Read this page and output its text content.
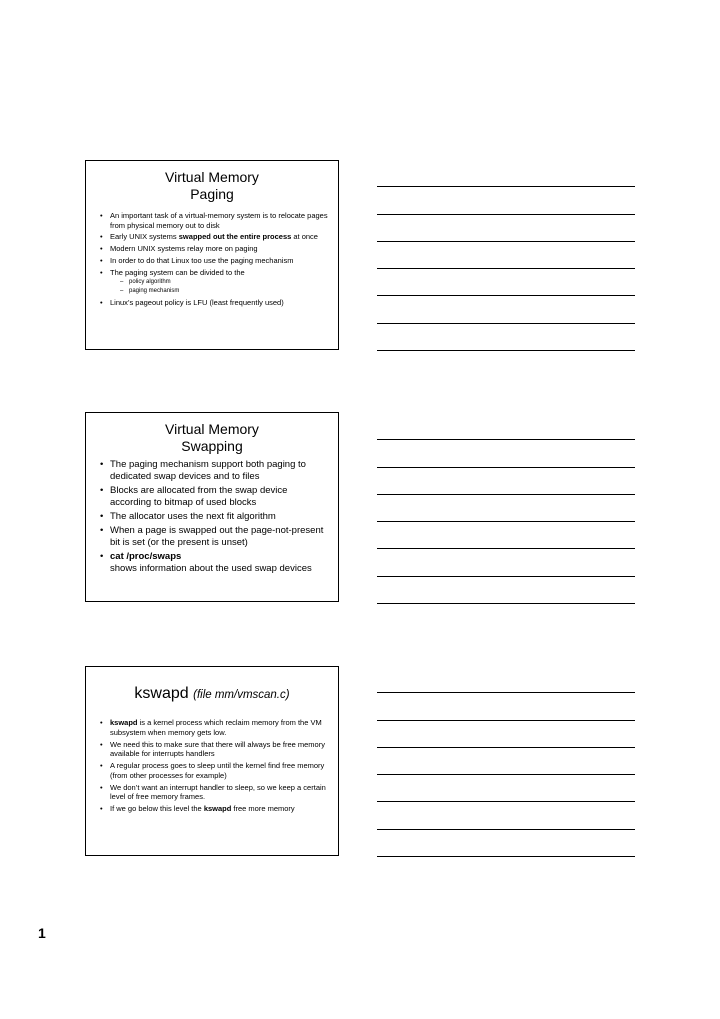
Virtual Memory
Paging
• An important task of a virtual-memory system is to relocate pages from physical memory out to disk
• Early UNIX systems swapped out the entire process at once
• Modern UNIX systems relay more on paging
• In order to do that Linux too use the paging mechanism
• The paging system can be divided to the
– policy algorithm
– paging mechanism
• Linux’s pageout policy is LFU (least frequently used)
Virtual Memory
Swapping
• The paging mechanism support both paging to dedicated swap devices and to files
• Blocks are allocated from the swap device according to bitmap of used blocks
• The allocator uses the next fit algorithm
• When a page is swapped out the page-not-present bit is set (or the present is unset)
• cat /proc/swaps
shows information about the used swap devices
kswapd (file mm/vmscan.c)
• kswapd is a kernel process which reclaim memory from the VM subsystem when memory gets low.
• We need this to make sure that there will always be free memory available for interrupts handlers
• A regular process goes to sleep until the kernel find free memory (from other processes for example)
• We don’t want an interrupt handler to sleep, so we keep a certain level of free memory frames.
• If we go below this level the kswapd free more memory
1
